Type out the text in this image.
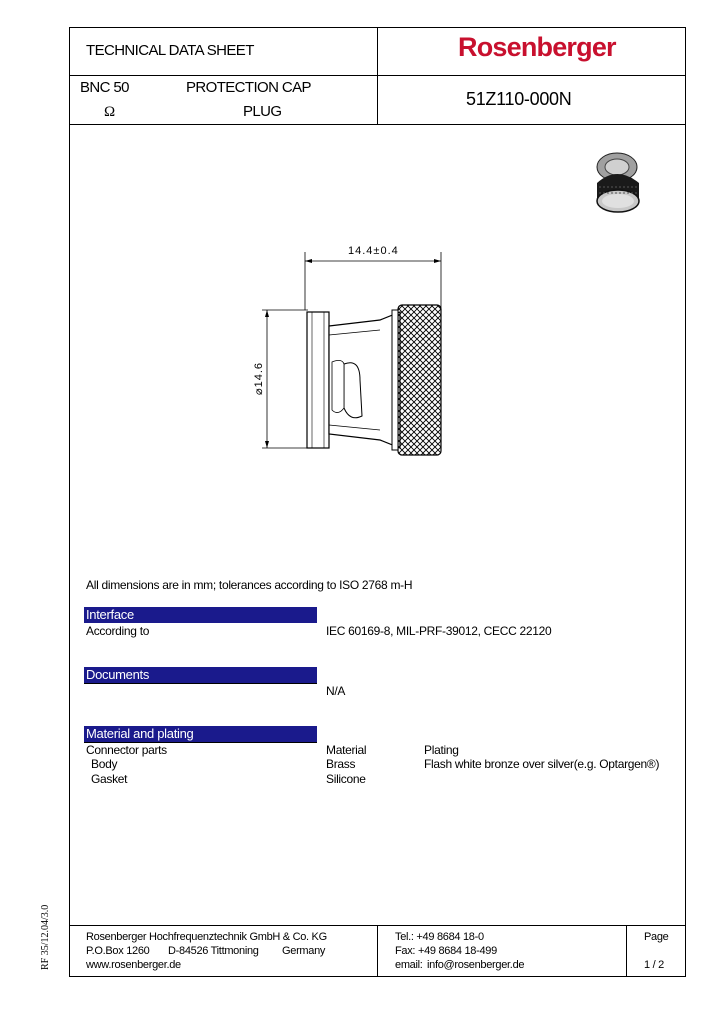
TECHNICAL DATA SHEET	Rosenberger
BNC 50	PROTECTION CAP
Ω	PLUG
51Z110-000N
14.4±0.4
⌀14.6
All dimensions are in mm; tolerances according to ISO 2768 m-H
Interface
According to	IEC 60169-8, MIL-PRF-39012, CECC 22120
Documents
N/A
Material and plating
Connector parts	Material	Plating
Body	Brass	Flash white bronze over silver(e.g. Optargen®)
Gasket	Silicone
Rosenberger Hochfrequenztechnik GmbH & Co. KG
P.O.Box 1260 D-84526 Tittmoning Germany
www.rosenberger.de
Tel.: +49 8684 18-0
Fax: +49 8684 18-499
email: info@rosenberger.de
Page
1 / 2
RF 35/12.04/3.0
